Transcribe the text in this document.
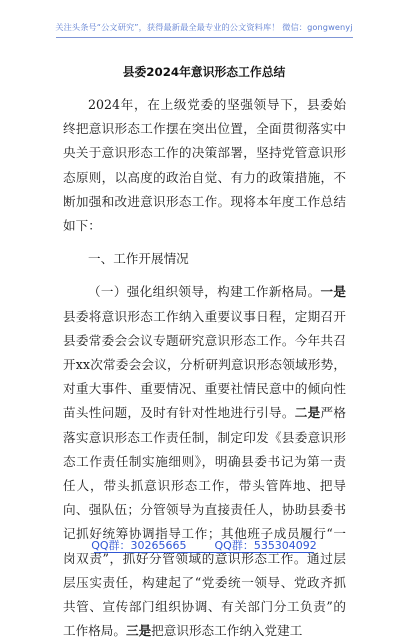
关注头条号“公文研究”，获得最新最全最专业的公文资料库！ 微信：gongwenyj
县委2024年意识形态工作总结

2024年，在上级党委的坚强领导下，县委始终把意识形态工作摆在突出位置，全面贯彻落实中央关于意识形态工作的决策部署，坚持党管意识形态原则，以高度的政治自觉、有力的政策措施，不断加强和改进意识形态工作。现将本年度工作总结如下：

一、工作开展情况

（一）强化组织领导，构建工作新格局。一是县委将意识形态工作纳入重要议事日程，定期召开县委常委会会议专题研究意识形态工作。今年共召开xx次常委会会议，分析研判意识形态领域形势，对重大事件、重要情况、重要社情民意中的倾向性苗头性问题，及时有针对性地进行引导。二是严格落实意识形态工作责任制，制定印发《县委意识形态工作责任制实施细则》，明确县委书记为第一责任人，带头抓意识形态工作，带头管阵地、把导向、强队伍；分管领导为直接责任人，协助县委书记抓好统筹协调指导工作；其他班子成员履行“一岗双责”，抓好分管领域的意识形态工作。通过层层压实责任，构建起了“党委统一领导、党政齐抓共管、宣传部门组织协调、有关部门分工负责”的工作格局。三是把意识形态工作纳入党建工

QQ群：30265665	QQ群：535304092
